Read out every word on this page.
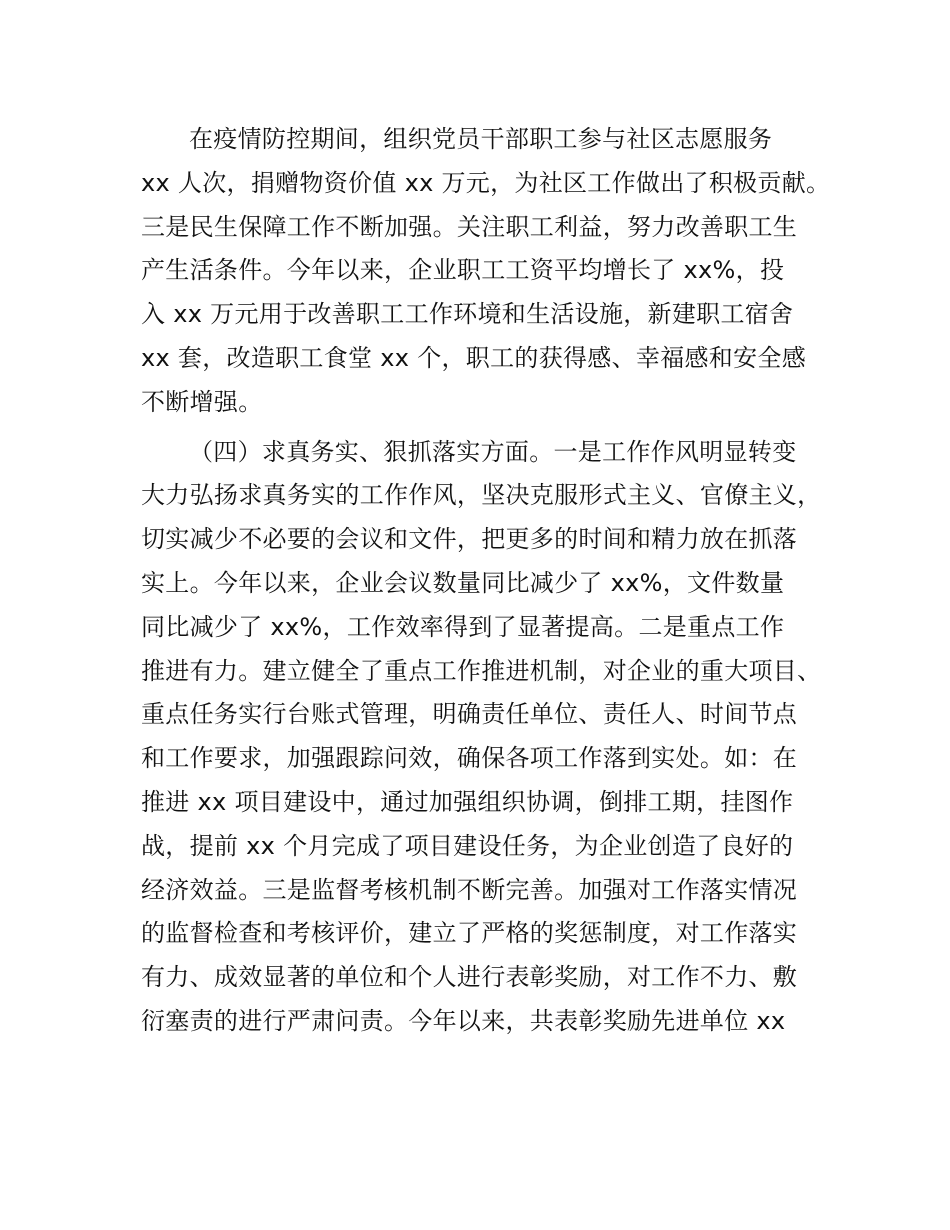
在疫情防控期间，组织党员干部职工参与社区志愿服务
xx 人次，捐赠物资价值 xx 万元，为社区工作做出了积极贡献。
三是民生保障工作不断加强。关注职工利益，努力改善职工生
产生活条件。今年以来，企业职工工资平均增长了 xx%，投
入 xx 万元用于改善职工工作环境和生活设施，新建职工宿舍
xx 套，改造职工食堂 xx 个，职工的获得感、幸福感和安全感
不断增强。
（四）求真务实、狠抓落实方面。一是工作作风明显转变
大力弘扬求真务实的工作作风，坚决克服形式主义、官僚主义，
切实减少不必要的会议和文件，把更多的时间和精力放在抓落
实上。今年以来，企业会议数量同比减少了 xx%，文件数量
同比减少了 xx%，工作效率得到了显著提高。二是重点工作
推进有力。建立健全了重点工作推进机制，对企业的重大项目、
重点任务实行台账式管理，明确责任单位、责任人、时间节点
和工作要求，加强跟踪问效，确保各项工作落到实处。如：在
推进 xx 项目建设中，通过加强组织协调，倒排工期，挂图作
战，提前 xx 个月完成了项目建设任务，为企业创造了良好的
经济效益。三是监督考核机制不断完善。加强对工作落实情况
的监督检查和考核评价，建立了严格的奖惩制度，对工作落实
有力、成效显著的单位和个人进行表彰奖励，对工作不力、敷
衍塞责的进行严肃问责。今年以来，共表彰奖励先进单位 xx
